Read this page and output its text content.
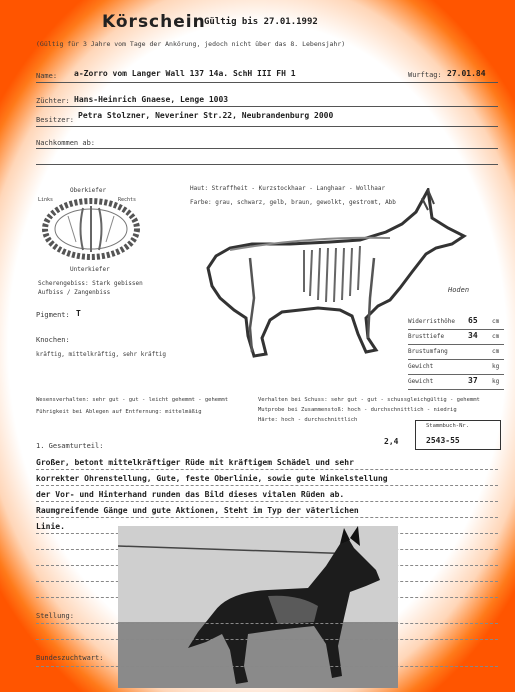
Körschein
Gültig bis 27.01.1992
(Gültig für 3 Jahre vom Tage der Ankörung, jedoch nicht über das 8. Lebensjahr)
Name: a-Zorro vom Langer Wall 137 14a. SchH III FH 1	Wurftag: 27.01.84
Züchter: Hans-Heinrich Gnaese, Lenge 1003
Besitzer: Petra Stolzner, Neveriner Str.22, Neubrandenburg 2000
Nachkommen ab:
Oberkiefer
Links	Rechts
Unterkiefer
Scherengebiss: Stark gebissen
Aufbiss / Zangenbiss
Haut: Straffheit - Kurzstockhaar - Langhaar - Wollhaar
Farbe: grau, schwarz, gelb, braun, gewolkt, gestromt, Abb
Hoden
Pigment: T
Knochen:
kräftig, mittelkräftig, sehr kräftig
Widerristhöhe 65 cm
Brusttiefe	34 cm
Brustumfang	cm
Gewicht	kg
Gewicht	37 kg
Wesensverhalten: sehr gut - gut - leicht gehemmt - gehemmt
Führigkeit bei Ablegen auf Entfernung: mittelmäßig
Verhalten bei Schuss: sehr gut - gut - schussgleichgültig - gehemmt
Mutprobe bei Zusammenstoß: hoch - durchschnittlich - niedrig
Härte: hoch - durchschnittlich
Stammbuch-Nr.
2543-55
2,4
1. Gesamturteil:
Großer, betont mittelkräftiger Rüde mit kräftigem Schädel und sehr
korrekter Ohrenstellung, Gute, feste Oberlinie, sowie gute Winkelstellung
der Vor- und Hinterhand runden das Bild dieses vitalen Rüden ab.
Raumgreifende Gänge und gute Aktionen, Steht im Typ der väterlichen
Linie.
Stellung:
Bundeszuchtwart:
